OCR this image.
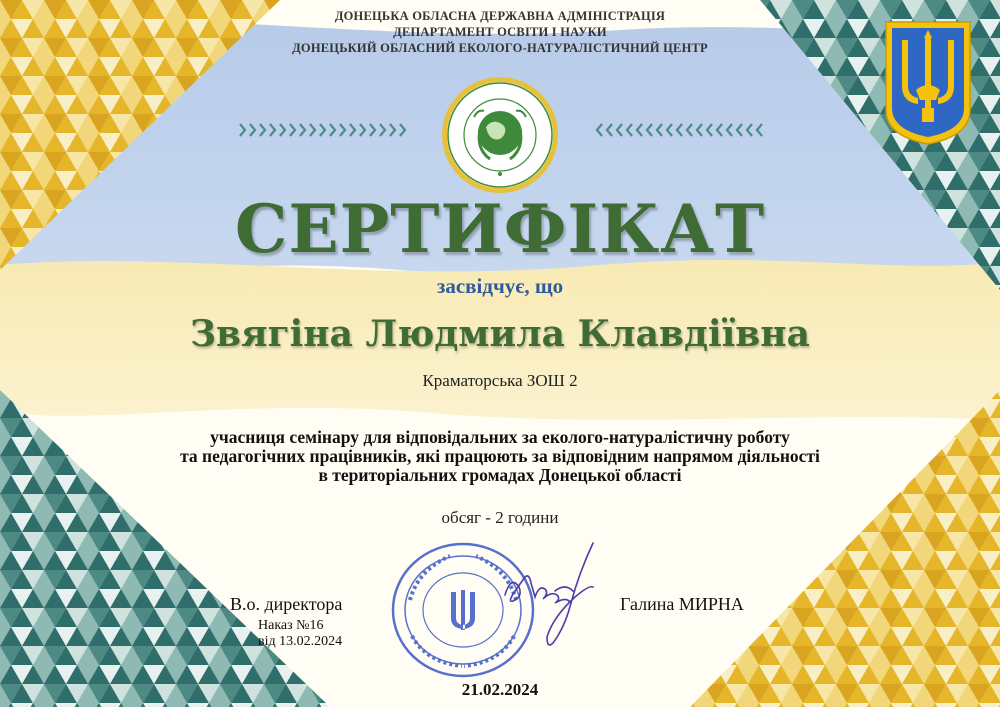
ДОНЕЦЬКА ОБЛАСНА ДЕРЖАВНА АДМІНІСТРАЦІЯ
ДЕПАРТАМЕНТ ОСВІТИ І НАУКИ
ДОНЕЦЬКИЙ ОБЛАСНИЙ ЕКОЛОГО-НАТУРАЛІСТИЧНИЙ ЦЕНТР
СЕРТИФІКАТ
засвідчує, що
Звягіна Людмила Клавдіївна
Краматорська ЗОШ 2
учасниця семінару для відповідальних за еколого-натуралістичну роботу
та педагогічних працівників, які працюють за відповідним напрямом діяльності
в територіальних громадах Донецької області
обсяг - 2 години
В.о. директора
Наказ №16
від 13.02.2024
Галина МИРНА
21.02.2024
